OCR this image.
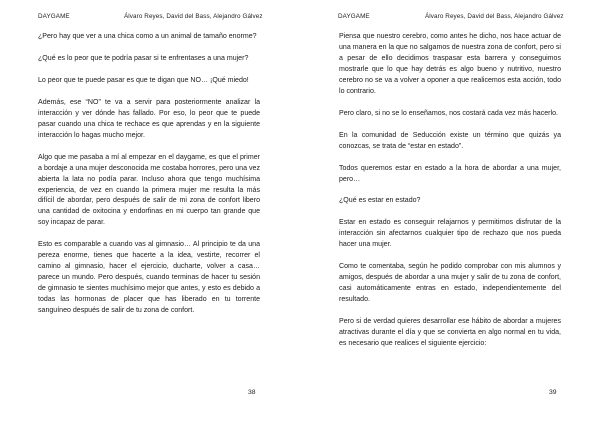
DAYGAME	Álvaro Reyes, David del Bass, Alejandro Gálvez

¿Pero hay que ver a una chica como a un animal de tamaño enorme?

¿Qué es lo peor que te podría pasar si te enfrentases a una mujer?

Lo peor que te puede pasar es que te digan que NO… ¡Qué miedo!

Además, ese “NO” te va a servir para posteriormente analizar la interacción y ver dónde has fallado. Por eso, lo peor que te puede pasar cuando una chica te rechace es que aprendas y en la siguiente interacción lo hagas mucho mejor.

Algo que me pasaba a mí al empezar en el daygame, es que el primer a bordaje a una mujer desconocida me costaba horrores, pero una vez abierta la lata no podía parar. Incluso ahora que tengo muchísima experiencia, de vez en cuando la primera mujer me resulta la más difícil de abordar, pero después de salir de mi zona de confort libero una cantidad de oxitocina y endorfinas en mi cuerpo tan grande que soy incapaz de parar.

Esto es comparable a cuando vas al gimnasio… Al principio te da una pereza enorme, tienes que hacerte a la idea, vestirte, recorrer el camino al gimnasio, hacer el ejercicio, ducharte, volver a casa… parece un mundo. Pero después, cuando terminas de hacer tu sesión de gimnasio te sientes muchísimo mejor que antes, y esto es debido a todas las hormonas de placer que has liberado en tu torrente sanguíneo después de salir de tu zona de confort.

38
DAYGAME	Álvaro Reyes, David del Bass, Alejandro Gálvez

Piensa que nuestro cerebro, como antes he dicho, nos hace actuar de una manera en la que no salgamos de nuestra zona de confort, pero si a pesar de ello decidimos traspasar esta barrera y conseguimos mostrarle que lo que hay detrás es algo bueno y nutritivo, nuestro cerebro no se va a volver a oponer a que realicemos esta acción, todo lo contrario.

Pero claro, si no se lo enseñamos, nos costará cada vez más hacerlo.

En la comunidad de Seducción existe un término que quizás ya conozcas, se trata de “estar en estado”.

Todos queremos estar en estado a la hora de abordar a una mujer, pero…

¿Qué es estar en estado?

Estar en estado es conseguir relajarnos y permitirnos disfrutar de la interacción sin afectarnos cualquier tipo de rechazo que nos pueda hacer una mujer.

Como te comentaba, según he podido comprobar con mis alumnos y amigos, después de abordar a una mujer y salir de tu zona de confort, casi automáticamente entras en estado, independientemente del resultado.

Pero si de verdad quieres desarrollar ese hábito de abordar a mujeres atractivas durante el día y que se convierta en algo normal en tu vida, es necesario que realices el siguiente ejercicio:

39
